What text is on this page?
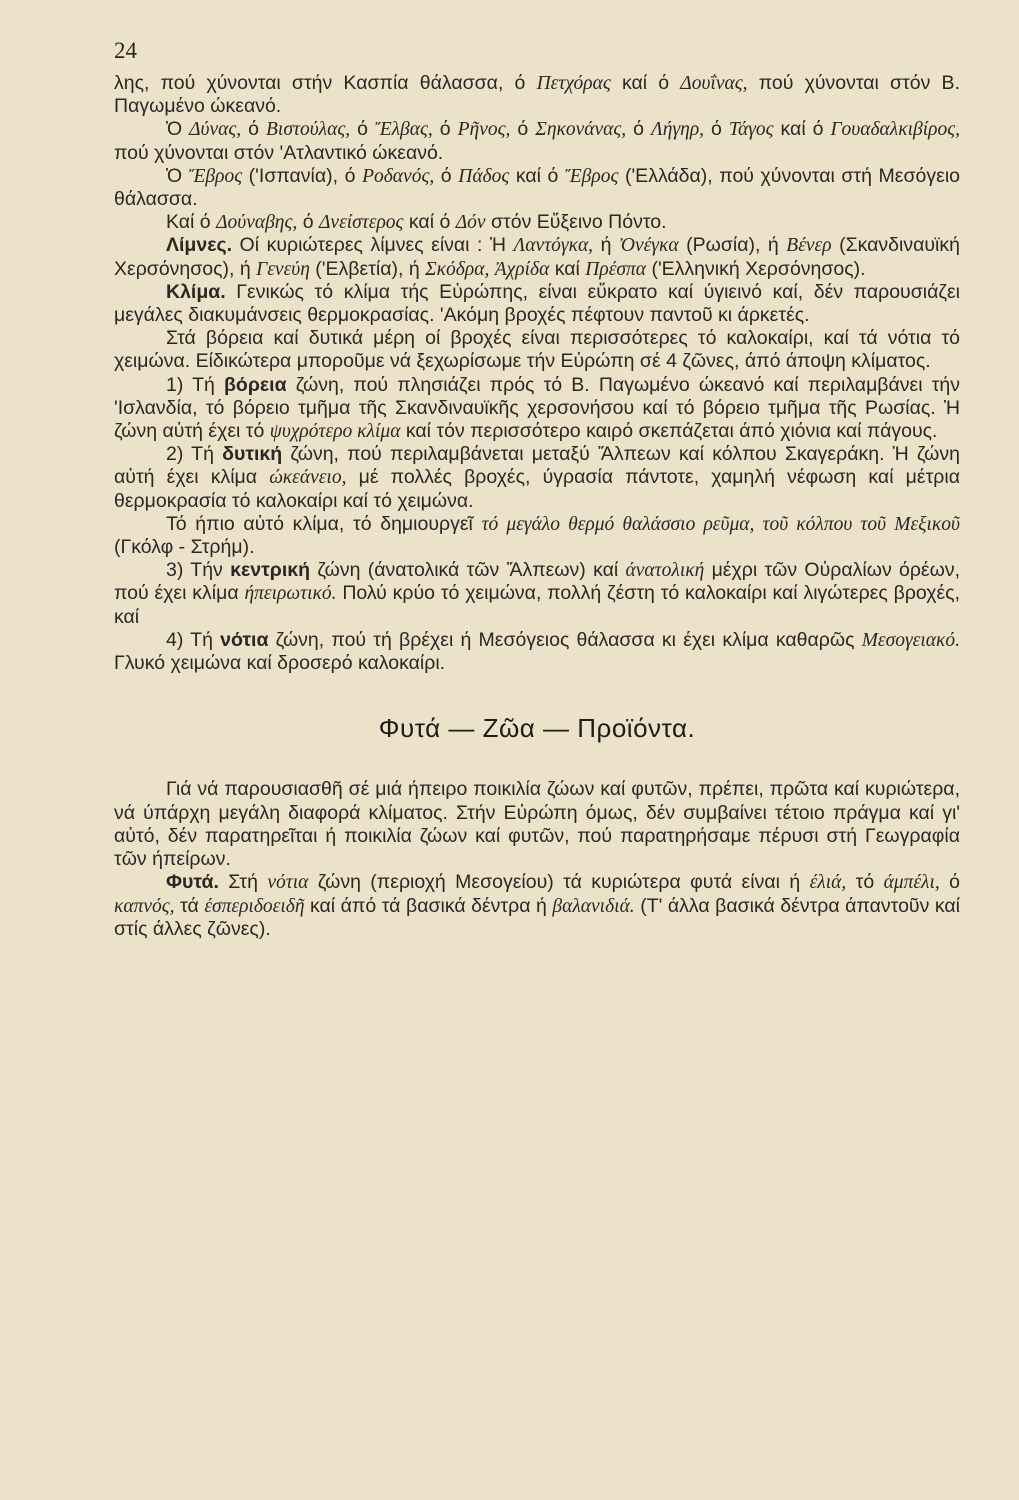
24

λης, πού χύνονται στήν Κασπία θάλασσα, ό Πετχόρας καί ό Δουΐνας, πού χύνονται στόν Β. Παγωμένο ώκεανό.

Ὁ Δύνας, ό Βιστούλας, ό Ἔλβας, ό Ρῆνος, ό Σηκονάνας, ό Λήγηρ, ό Τάγος καί ό Γουαδαλκιβίρος, πού χύνονται στόν 'Ατλαντικό ώκεανό.

Ὁ Ἔβρος ('Ισπανία), ό Ροδανός, ό Πάδος καί ό Ἔβρος ('Ελλάδα), πού χύνονται στή Μεσόγειο θάλασσα.

Καί ό Δούναβης, ό Δνείστερος καί ό Δόν στόν Εὔξεινο Πόντο.

Λίμνες. Οί κυριώτερες λίμνες είναι : Ἡ Λαντόγκα, ή Ὀνέγκα (Ρωσία), ή Βένερ (Σκανδιναυϊκή Χερσόνησος), ή Γενεύη ('Ελβετία), ή Σκόδρα, Ἀχρίδα καί Πρέσπα ('Ελληνική Χερσόνησος).

Κλίμα. Γενικώς τό κλίμα τής Εὐρώπης, είναι εὔκρατο καί ύγιεινό καί, δέν παρουσιάζει μεγάλες διακυμάνσεις θερμοκρασίας. 'Ακόμη βροχές πέφτουν παντοῦ κι άρκετές.

Στά βόρεια καί δυτικά μέρη οί βροχές είναι περισσότερες τό καλοκαίρι, καί τά νότια τό χειμώνα. Είδικώτερα μποροῦμε νά ξεχωρίσωμε τήν Εὐρώπη σέ 4 ζῶνες, άπό άποψη κλίματος.

1) Τή βόρεια ζώνη, πού πλησιάζει πρός τό Β. Παγωμένο ώκεανό καί περιλαμβάνει τήν 'Ισλανδία, τό βόρειο τμῆμα τῆς Σκανδιναυϊκῆς χερσονήσου καί τό βόρειο τμῆμα τῆς Ρωσίας. Ἡ ζώνη αὐτή έχει τό ψυχρότερο κλίμα καί τόν περισσότερο καιρό σκεπάζεται άπό χιόνια καί πάγους.

2) Τή δυτική ζώνη, πού περιλαμβάνεται μεταξύ Ἄλπεων καί κόλπου Σκαγεράκη. Ἡ ζώνη αὐτή έχει κλίμα ώκεάνειο, μέ πολλές βροχές, ύγρασία πάντοτε, χαμηλή νέφωση καί μέτρια θερμοκρασία τό καλοκαίρι καί τό χειμώνα.

Τό ήπιο αὐτό κλίμα, τό δημιουργεῖ τό μεγάλο θερμό θαλάσσιο ρεῦμα, τοῦ κόλπου τοῦ Μεξικοῦ (Γκόλφ - Στρήμ).

3) Τήν κεντρική ζώνη (άνατολικά τῶν Ἄλπεων) καί άνατολική μέχρι τῶν Οὐραλίων όρέων, πού έχει κλίμα ήπειρωτικό. Πολύ κρύο τό χειμώνα, πολλή ζέστη τό καλοκαίρι καί λιγώτερες βροχές, καί

4) Τή νότια ζώνη, πού τή βρέχει ή Μεσόγειος θάλασσα κι έχει κλίμα καθαρῶς Μεσογειακό. Γλυκό χειμώνα καί δροσερό καλοκαίρι.

Φυτά — Ζῶα — Προϊόντα.

Γιά νά παρουσιασθῆ σέ μιά ήπειρο ποικιλία ζώων καί φυτῶν, πρέπει, πρῶτα καί κυριώτερα, νά ύπάρχη μεγάλη διαφορά κλίματος. Στήν Εὐρώπη όμως, δέν συμβαίνει τέτοιο πράγμα καί γι' αὐτό, δέν παρατηρεῖται ή ποικιλία ζώων καί φυτῶν, πού παρατηρήσαμε πέρυσι στή Γεωγραφία τῶν ήπείρων.

Φυτά. Στή νότια ζώνη (περιοχή Μεσογείου) τά κυριώτερα φυτά είναι ή έλιά, τό άμπέλι, ό καπνός, τά έσπεριδοειδῆ καί άπό τά βασικά δέντρα ή βαλανιδιά. (Τ' άλλα βασικά δέντρα άπαντοῦν καί στίς άλλες ζῶνες).
